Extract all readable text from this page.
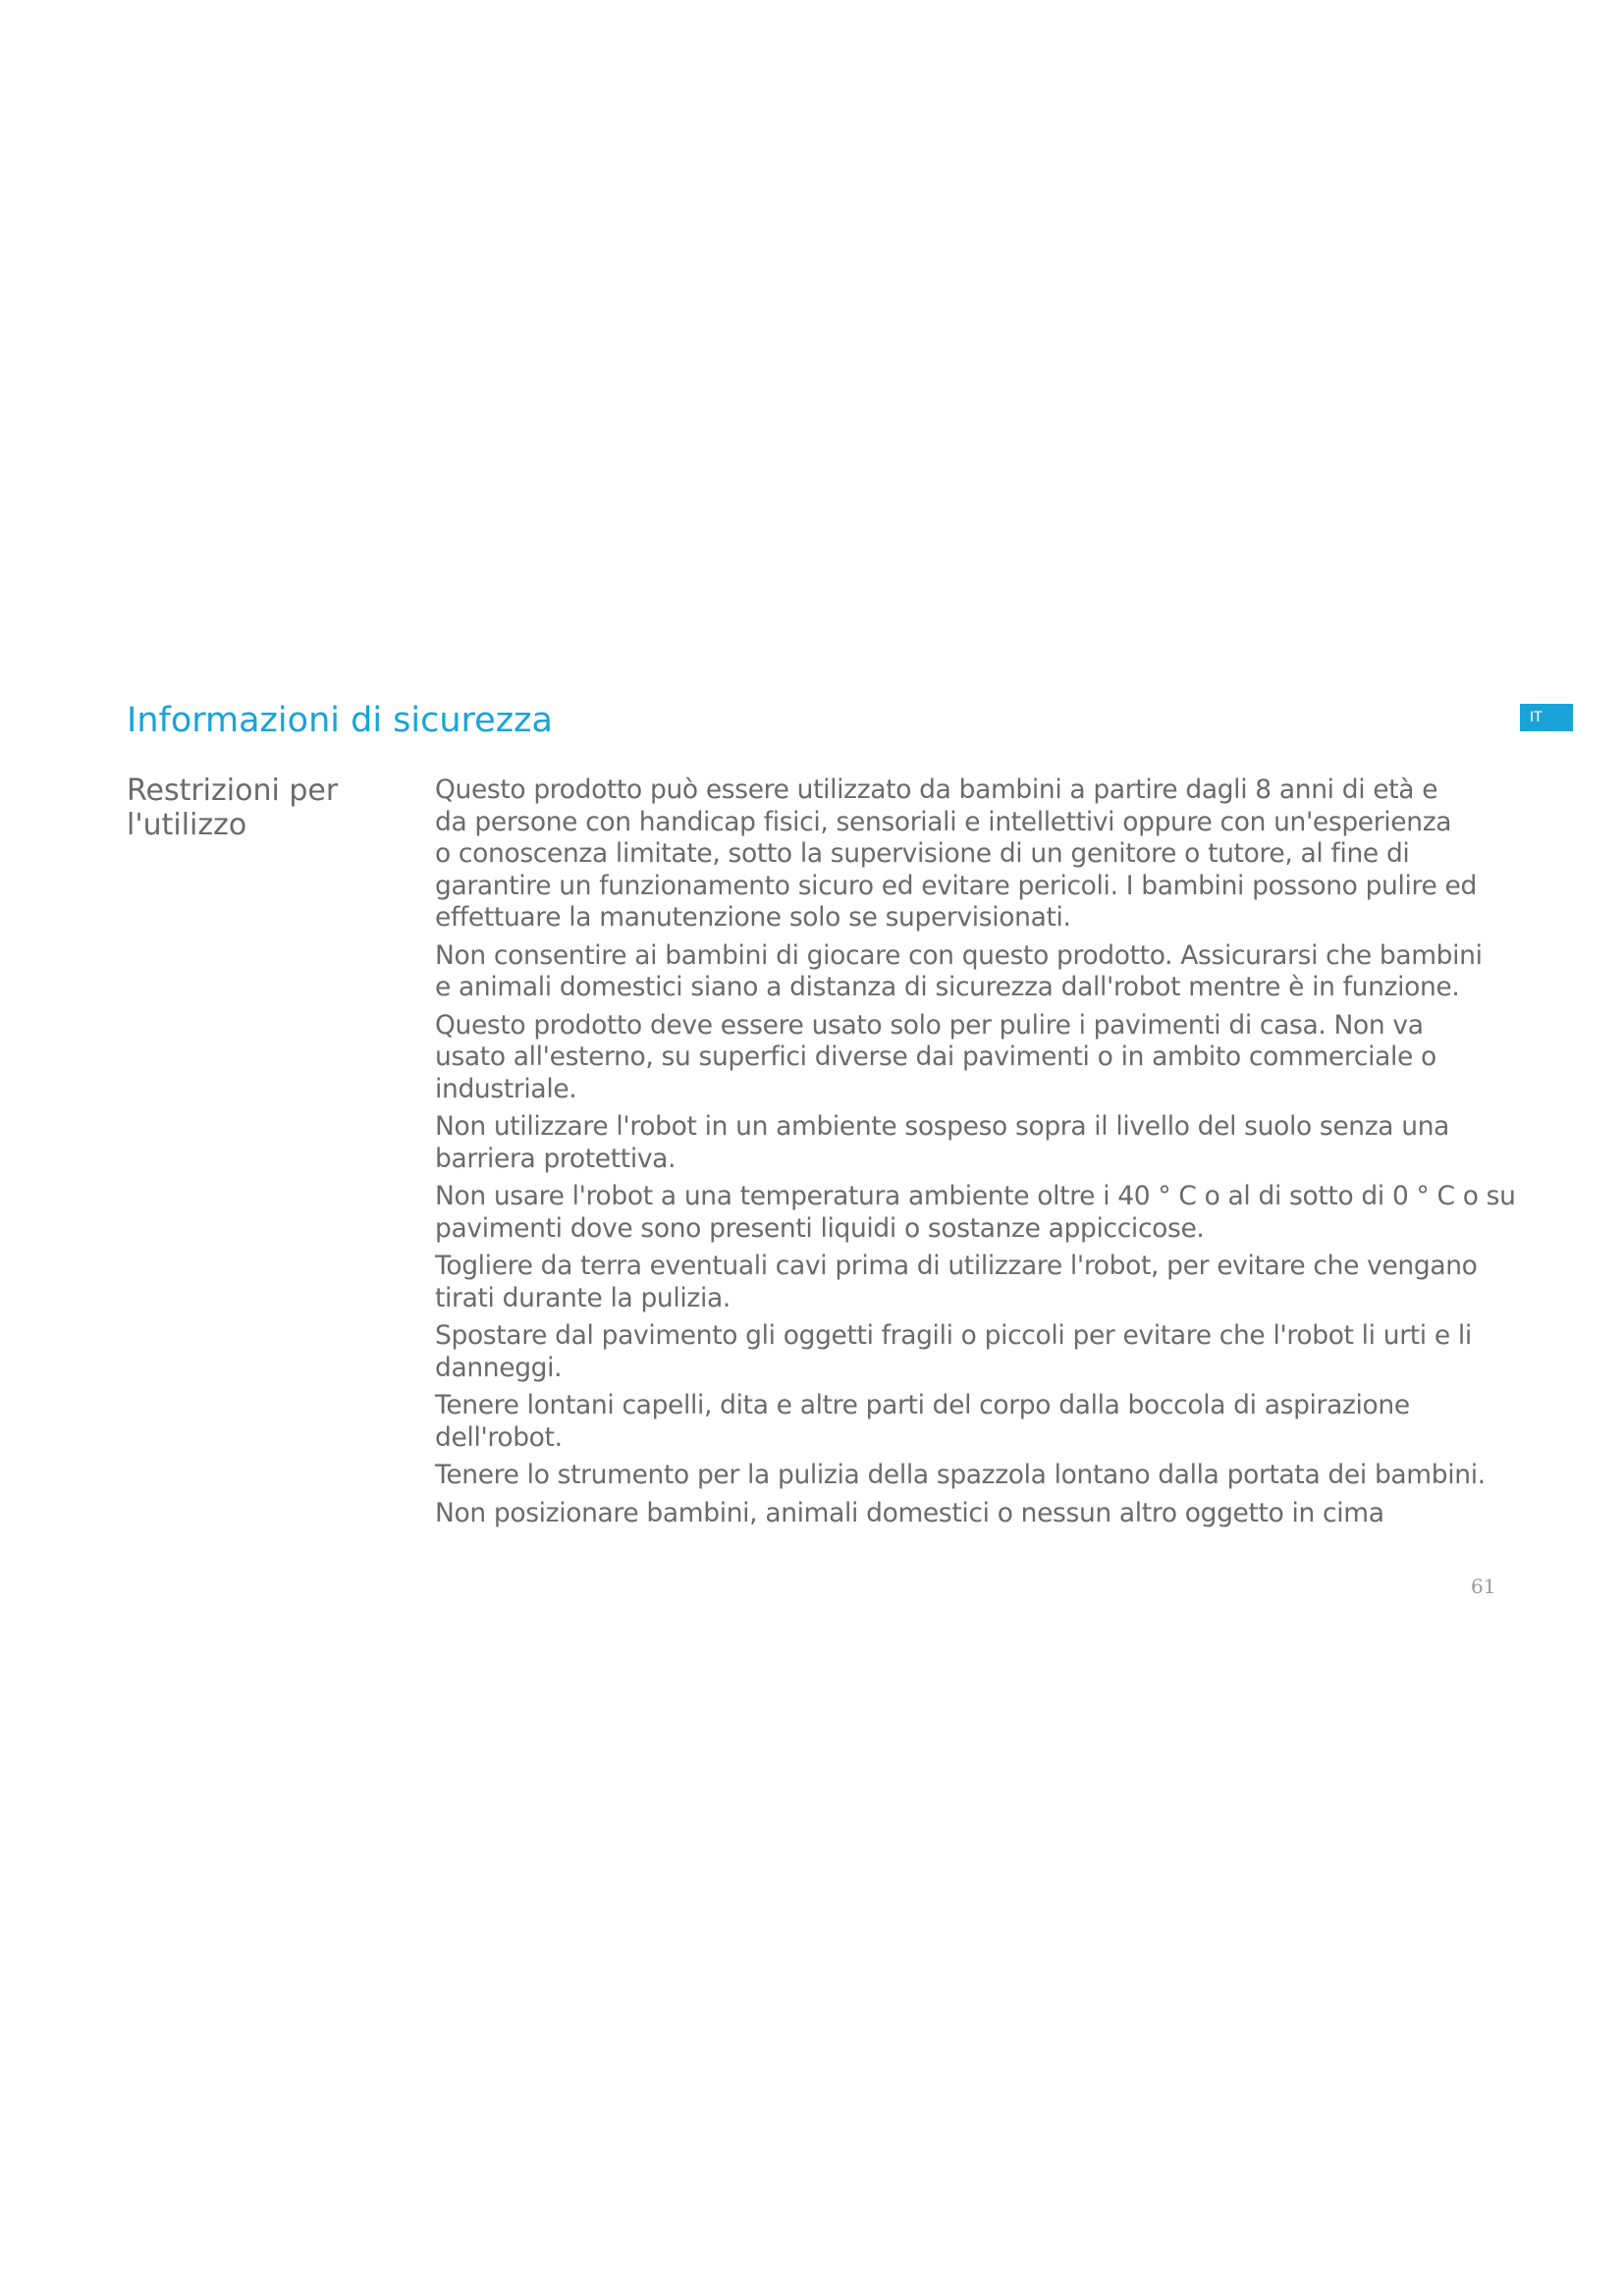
Informazioni di sicurezza	IT
Restrizioni per
l'utilizzo

Questo prodotto può essere utilizzato da bambini a partire dagli 8 anni di età e
da persone con handicap fisici, sensoriali e intellettivi oppure con un'esperienza
o conoscenza limitate, sotto la supervisione di un genitore o tutore, al fine di
garantire un funzionamento sicuro ed evitare pericoli. I bambini possono pulire ed
effettuare la manutenzione solo se supervisionati.

Non consentire ai bambini di giocare con questo prodotto. Assicurarsi che bambini
e animali domestici siano a distanza di sicurezza dall'robot mentre è in funzione.

Questo prodotto deve essere usato solo per pulire i pavimenti di casa. Non va
usato all'esterno, su superfici diverse dai pavimenti o in ambito commerciale o
industriale.

Non utilizzare l'robot in un ambiente sospeso sopra il livello del suolo senza una
barriera protettiva.

Non usare l'robot a una temperatura ambiente oltre i 40 ° C o al di sotto di 0 ° C o su
pavimenti dove sono presenti liquidi o sostanze appiccicose.

Togliere da terra eventuali cavi prima di utilizzare l'robot, per evitare che vengano
tirati durante la pulizia.

Spostare dal pavimento gli oggetti fragili o piccoli per evitare che l'robot li urti e li
danneggi.

Tenere lontani capelli, dita e altre parti del corpo dalla boccola di aspirazione
dell'robot.

Tenere lo strumento per la pulizia della spazzola lontano dalla portata dei bambini.

Non posizionare bambini, animali domestici o nessun altro oggetto in cima

61
